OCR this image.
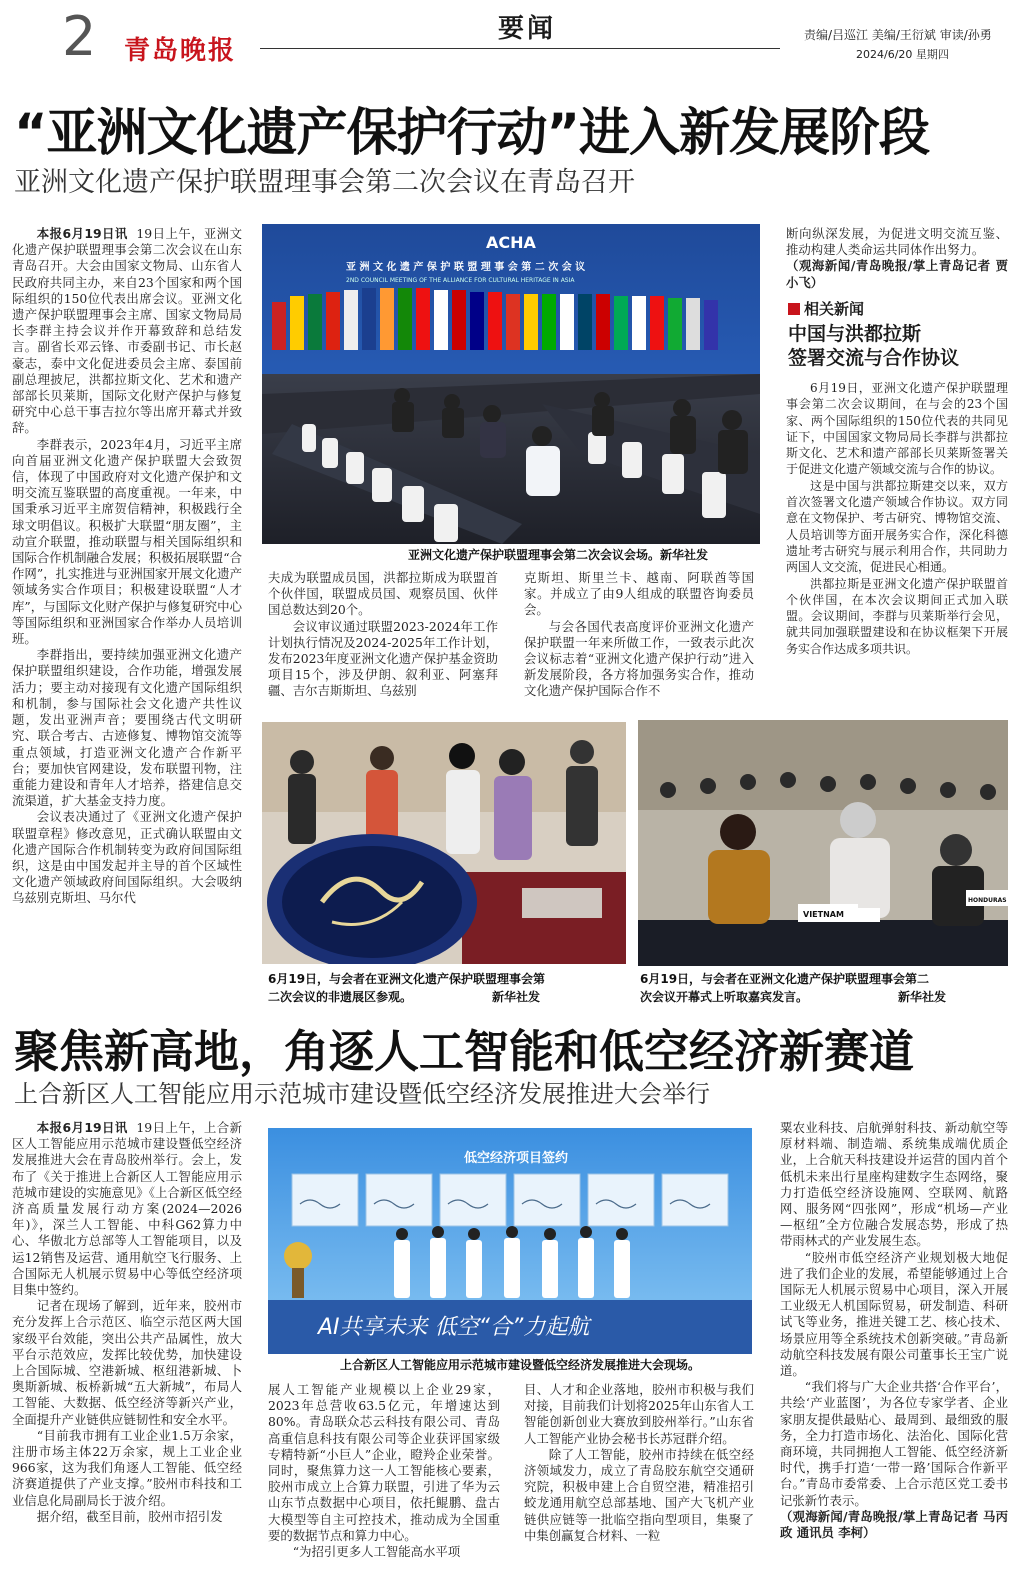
2 青岛晚报
要闻	责编/吕巡江 美编/王衍斌 审读/孙勇
2024/6/20 星期四
“亚洲文化遗产保护行动”进入新发展阶段
亚洲文化遗产保护联盟理事会第二次会议在青岛召开

本报6月19日讯 19日上午，亚洲文化遗产保护联盟理事会第二次会议在山东青岛召开。大会由国家文物局、山东省人民政府共同主办，来自23个国家和两个国际组织的150位代表出席会议。亚洲文化遗产保护联盟理事会主席、国家文物局局长李群主持会议并作开幕致辞和总结发言。副省长邓云锋、市委副书记、市长赵豪志，泰中文化促进委员会主席、泰国前副总理披尼，洪都拉斯文化、艺术和遗产部部长贝莱斯，国际文化财产保护与修复研究中心总干事吉拉尔等出席开幕式并致辞。

李群表示，2023年4月，习近平主席向首届亚洲文化遗产保护联盟大会致贺信，体现了中国政府对文化遗产保护和文明交流互鉴联盟的高度重视。一年来，中国秉承习近平主席贺信精神，积极践行全球文明倡议。积极扩大联盟“朋友圈”，主动宣介联盟，推动联盟与相关国际组织和国际合作机制融合发展；积极拓展联盟“合作网”，扎实推进与亚洲国家开展文化遗产领域务实合作项目；积极建设联盟“人才库”，与国际文化财产保护与修复研究中心等国际组织和亚洲国家合作举办人员培训班。

李群指出，要持续加强亚洲文化遗产保护联盟组织建设，合作功能，增强发展活力；要主动对接现有文化遗产国际组织和机制，参与国际社会文化遗产共性议题，发出亚洲声音；要围绕古代文明研究、联合考古、古迹修复、博物馆交流等重点领域，打造亚洲文化遗产合作新平台；要加快官网建设，发布联盟刊物，注重能力建设和青年人才培养，搭建信息交流渠道，扩大基金支持力度。

会议表决通过了《亚洲文化遗产保护联盟章程》修改意见，正式确认联盟由文化遗产国际合作机制转变为政府间国际组织，这是由中国发起并主导的首个区域性文化遗产领域政府间国际组织。大会吸纳乌兹别克斯坦、马尔代

ACHA
亚 洲 文 化 遗 产 保 护 联 盟 理 事 会 第 二 次 会 议
2ND COUNCIL MEETING OF THE ALLIANCE FOR CULTURAL HERITAGE IN ASIA
亚洲文化遗产保护联盟理事会第二次会议会场。新华社发

夫成为联盟成员国，洪都拉斯成为联盟首个伙伴国，联盟成员国、观察员国、伙伴国总数达到20个。

会议审议通过联盟2023-2024年工作计划执行情况及2024-2025年工作计划，发布2023年度亚洲文化遗产保护基金资助项目15个，涉及伊朗、叙利亚、阿塞拜疆、吉尔吉斯斯坦、乌兹别

克斯坦、斯里兰卡、越南、阿联酋等国家。并成立了由9人组成的联盟咨询委员会。

与会各国代表高度评价亚洲文化遗产保护联盟一年来所做工作，一致表示此次会议标志着“亚洲文化遗产保护行动”进入新发展阶段，各方将加强务实合作，推动文化遗产保护国际合作不

断向纵深发展，为促进文明交流互鉴、推动构建人类命运共同体作出努力。

（观海新闻/青岛晚报/掌上青岛记者 贾小飞）

相关新闻
中国与洪都拉斯
签署交流与合作协议

6月19日，亚洲文化遗产保护联盟理事会第二次会议期间，在与会的23个国家、两个国际组织的150位代表的共同见证下，中国国家文物局局长李群与洪都拉斯文化、艺术和遗产部部长贝莱斯签署关于促进文化遗产领域交流与合作的协议。

这是中国与洪都拉斯建交以来，双方首次签署文化遗产领域合作协议。双方同意在文物保护、考古研究、博物馆交流、人员培训等方面开展务实合作，深化科德遗址考古研究与展示利用合作，共同助力两国人文交流，促进民心相通。

洪都拉斯是亚洲文化遗产保护联盟首个伙伴国，在本次会议期间正式加入联盟。会议期间，李群与贝莱斯举行会见，就共同加强联盟建设和在协议框架下开展务实合作达成多项共识。

6月19日，与会者在亚洲文化遗产保护联盟理事会第
二次会议的非遗展区参观。	新华社发
VIETNAM
HONDURAS
6月19日，与会者在亚洲文化遗产保护联盟理事会第二
次会议开幕式上听取嘉宾发言。	新华社发
聚焦新高地，角逐人工智能和低空经济新赛道
上合新区人工智能应用示范城市建设暨低空经济发展推进大会举行

本报6月19日讯 19日上午，上合新区人工智能应用示范城市建设暨低空经济发展推进大会在青岛胶州举行。会上，发布了《关于推进上合新区人工智能应用示范城市建设的实施意见》《上合新区低空经济高质量发展行动方案(2024—2026年)》，深兰人工智能、中科G62算力中心、华傲北方总部等人工智能项目，以及运12销售及运营、通用航空飞行服务、上合国际无人机展示贸易中心等低空经济项目集中签约。

记者在现场了解到，近年来，胶州市充分发挥上合示范区、临空示范区两大国家级平台效能，突出公共产品属性，放大平台示范效应，发挥比较优势，加快建设上合国际城、空港新城、枢纽港新城、卜奥斯新城、板桥新城“五大新城”，布局人工智能、大数据、低空经济等新兴产业，全面提升产业链供应链韧性和安全水平。

“目前我市拥有工业企业1.5万余家，注册市场主体22万余家，规上工业企业966家，这为我们角逐人工智能、低空经济赛道提供了产业支撑。”胶州市科技和工业信息化局副局长于波介绍。

据介绍，截至目前，胶州市招引发

低空经济项目签约
AI共享未来 低空“合”力起航
上合新区人工智能应用示范城市建设暨低空经济发展推进大会现场。

展人工智能产业规模以上企业29家，2023年总营收63.5亿元，年增速达到80%。青岛联众芯云科技有限公司、青岛高重信息科技有限公司等企业获评国家级专精特新“小巨人”企业，瞪羚企业荣誉。同时，聚焦算力这一人工智能核心要素，胶州市成立上合算力联盟，引进了华为云山东节点数据中心项目，依托鲲鹏、盘古大模型等自主可控技术，推动成为全国重要的数据节点和算力中心。

“为招引更多人工智能高水平项

目、人才和企业落地，胶州市积极与我们对接，目前我们计划将2025年山东省人工智能创新创业大赛放到胶州举行。”山东省人工智能产业协会秘书长苏冠群介绍。

除了人工智能，胶州市持续在低空经济领域发力，成立了青岛胶东航空交通研究院，积极申建上合自贸空港，精准招引蛟龙通用航空总部基地、国产大飞机产业链供应链等一批临空指向型项目，集聚了中集创赢复合材料、一粒

粟农业科技、启航弹射科技、新动航空等原材料端、制造端、系统集成端优质企业，上合航天科技建设并运营的国内首个低机未来出行星座构建数字生态网络，聚力打造低空经济设施网、空联网、航路网、服务网“四张网”，形成“机场—产业—枢纽”全方位融合发展态势，形成了热带雨林式的产业发展生态。

“胶州市低空经济产业规划极大地促进了我们企业的发展，希望能够通过上合国际无人机展示贸易中心项目，深入开展工业级无人机国际贸易，研发制造、科研试飞等业务，推进关键工艺、核心技术、场景应用等全系统技术创新突破。”青岛新动航空科技发展有限公司董事长王宝广说道。

“我们将与广大企业共搭‘合作平台’，共绘‘产业蓝图’，为各位专家学者、企业家朋友提供最贴心、最周到、最细致的服务，全力打造市场化、法治化、国际化营商环境，共同拥抱人工智能、低空经济新时代，携手打造‘一带一路’国际合作新平台。”青岛市委常委、上合示范区党工委书记张新竹表示。

（观海新闻/青岛晚报/掌上青岛记者 马丙政 通讯员 李柯）
